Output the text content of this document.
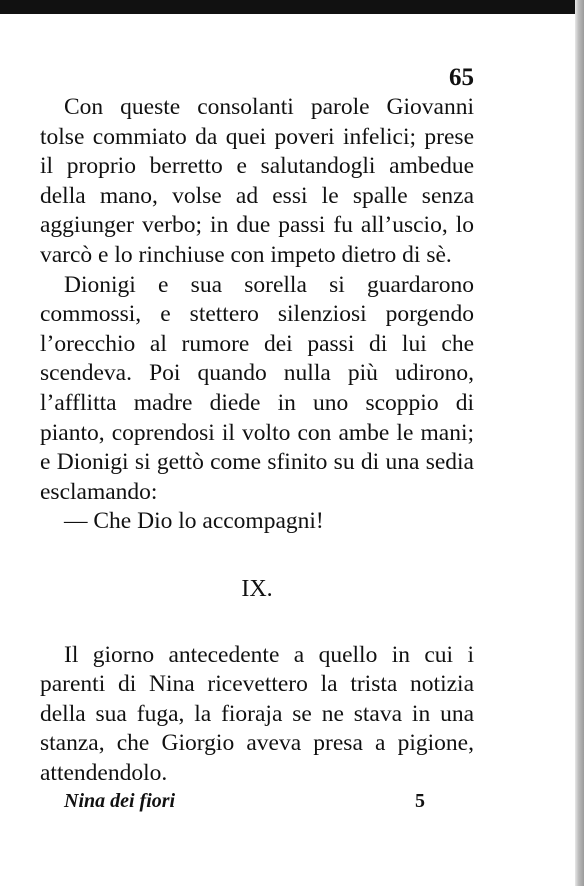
65

Con queste consolanti parole Giovanni tolse commiato da quei poveri infelici; prese il proprio berretto e salutandogli ambedue della mano, volse ad essi le spalle senza aggiunger verbo; in due passi fu all’uscio, lo varcò e lo rinchiuse con impeto dietro di sè.

Dionigi e sua sorella si guardarono commossi, e stettero silenziosi porgendo l’orecchio al rumore dei passi di lui che scendeva. Poi quando nulla più udirono, l’afflitta madre diede in uno scoppio di pianto, coprendosi il volto con ambe le mani; e Dionigi si gettò come sfinito su di una sedia esclamando:

— Che Dio lo accompagni!

IX.

Il giorno antecedente a quello in cui i parenti di Nina ricevettero la trista notizia della sua fuga, la fioraja se ne stava in una stanza, che Giorgio aveva presa a pigione, attendendolo.

Nina dei fiori	5
